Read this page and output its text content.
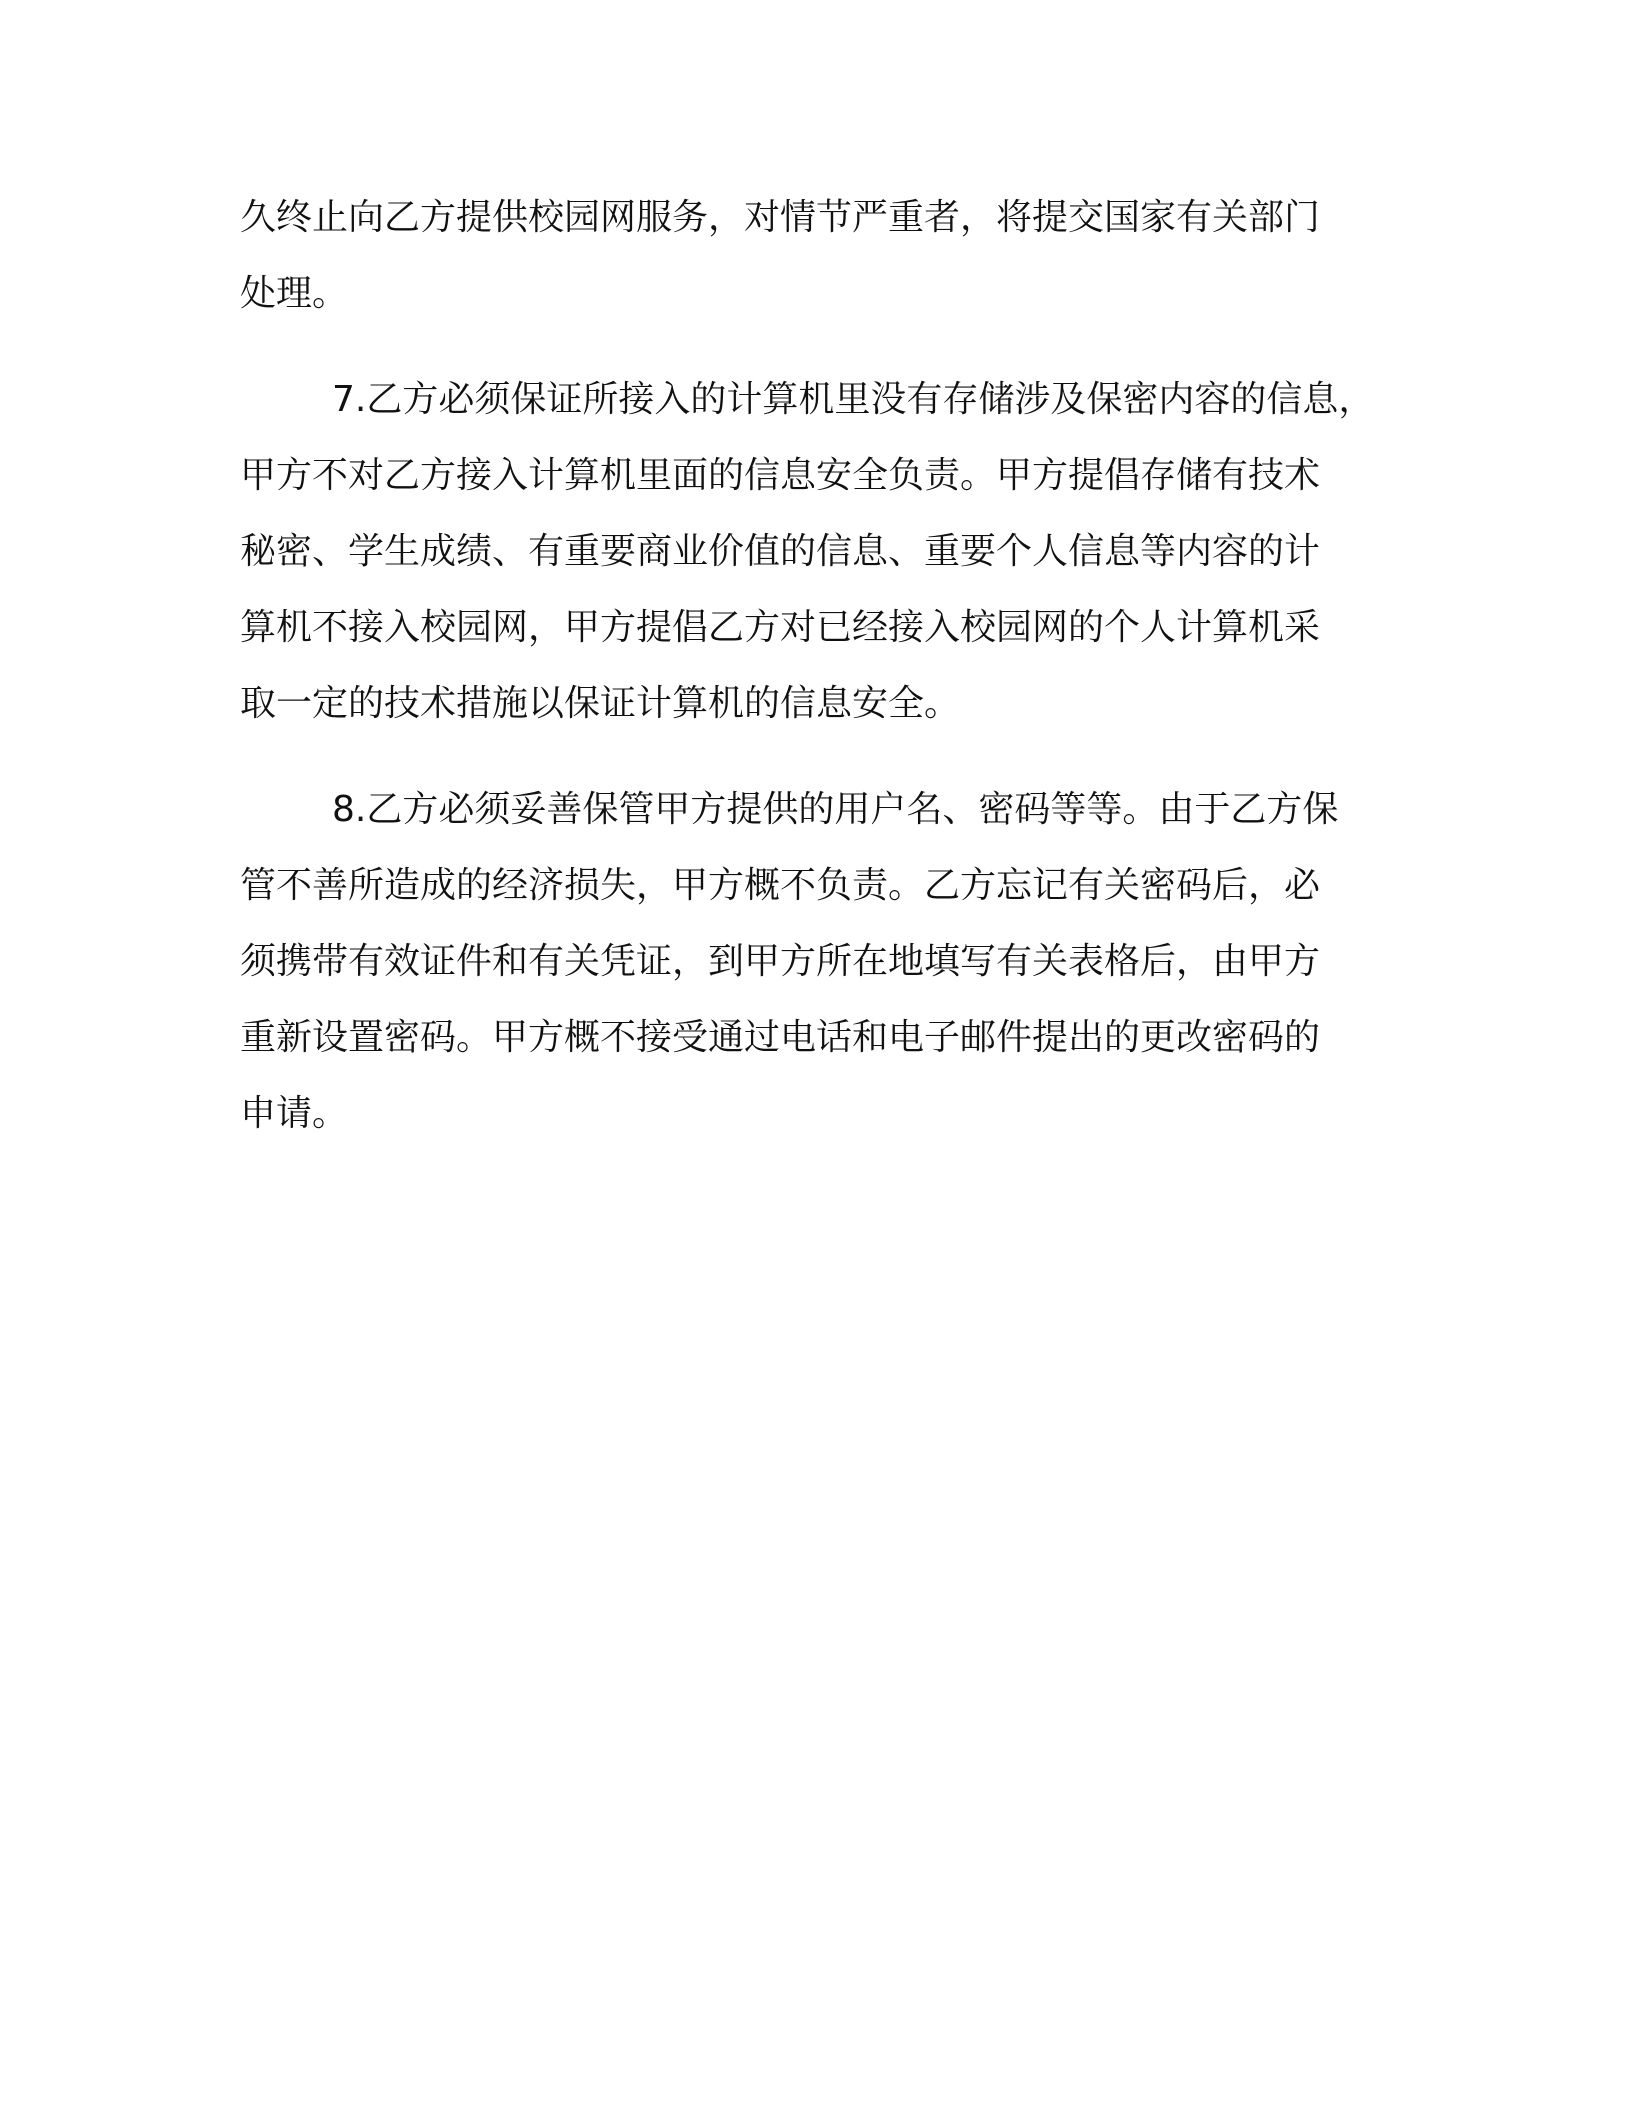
久终止向乙方提供校园网服务，对情节严重者，将提交国家有关部门
处理。
7.乙方必须保证所接入的计算机里没有存储涉及保密内容的信息，
甲方不对乙方接入计算机里面的信息安全负责。甲方提倡存储有技术
秘密、学生成绩、有重要商业价值的信息、重要个人信息等内容的计
算机不接入校园网，甲方提倡乙方对已经接入校园网的个人计算机采
取一定的技术措施以保证计算机的信息安全。
8.乙方必须妥善保管甲方提供的用户名、密码等等。由于乙方保
管不善所造成的经济损失，甲方概不负责。乙方忘记有关密码后，必
须携带有效证件和有关凭证，到甲方所在地填写有关表格后，由甲方
重新设置密码。甲方概不接受通过电话和电子邮件提出的更改密码的
申请。
